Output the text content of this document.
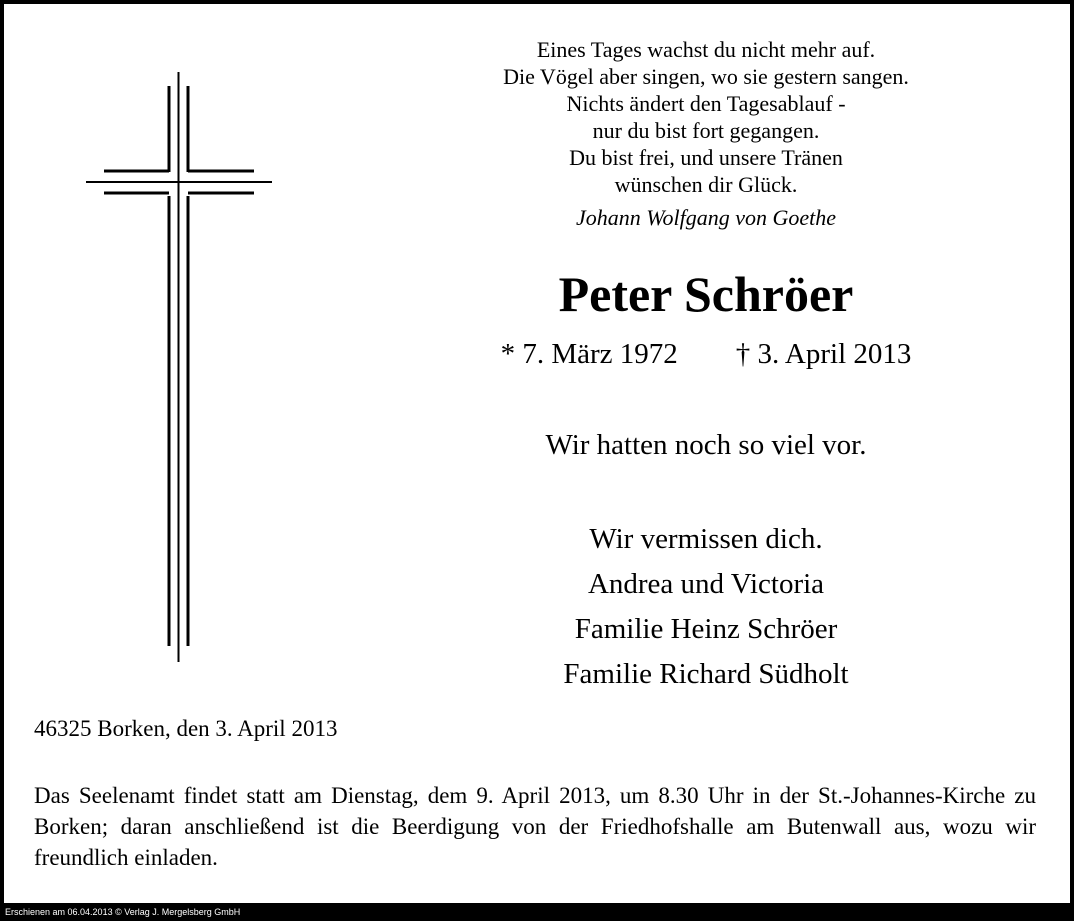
Eines Tages wachst du nicht mehr auf.
Die Vögel aber singen, wo sie gestern sangen.
Nichts ändert den Tagesablauf -
nur du bist fort gegangen.
Du bist frei, und unsere Tränen
wünschen dir Glück.
Johann Wolfgang von Goethe
Peter Schröer
* 7. März 1972 † 3. April 2013
Wir hatten noch so viel vor.
Wir vermissen dich.
Andrea und Victoria
Familie Heinz Schröer
Familie Richard Südholt
46325 Borken, den 3. April 2013
Das Seelenamt findet statt am Dienstag, dem 9. April 2013, um 8.30 Uhr in der St.-Johannes-Kirche zu Borken; daran anschließend ist die Beerdigung von der Friedhofshalle am Butenwall aus, wozu wir freundlich einladen.
Erschienen am 06.04.2013 © Verlag J. Mergelsberg GmbH
